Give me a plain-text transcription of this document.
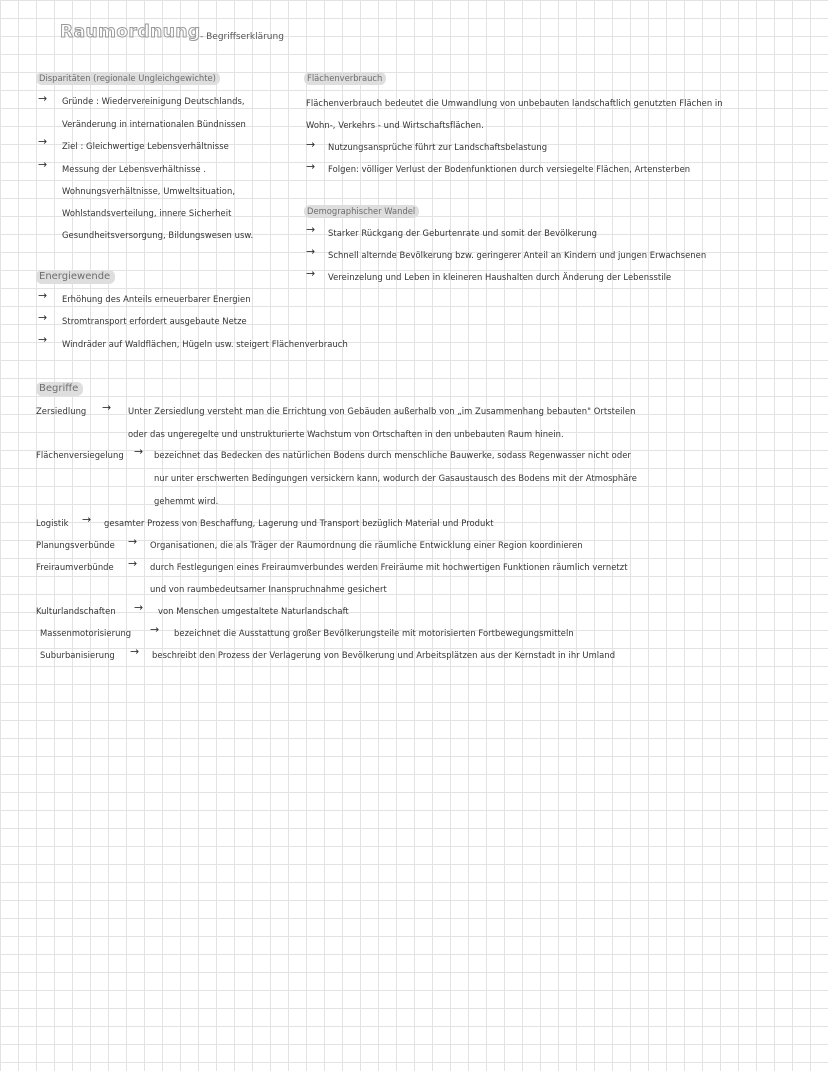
Raumordnung - Begriffserklärung
Disparitäten (regionale Ungleichgewichte)
→ Gründe : Wiedervereinigung Deutschlands,
Veränderung in internationalen Bündnissen
→ Ziel : Gleichwertige Lebensverhältnisse
→ Messung der Lebensverhältnisse .
Wohnungsverhältnisse, Umweltsituation,
Wohlstandsverteilung, innere Sicherheit
Gesundheitsversorgung, Bildungswesen usw.
Flächenverbrauch
Flächenverbrauch bedeutet die Umwandlung von unbebauten landschaftlich genutzten Flächen in
Wohn-, Verkehrs - und Wirtschaftsflächen.
→ Nutzungsansprüche führt zur Landschaftsbelastung
→ Folgen: völliger Verlust der Bodenfunktionen durch versiegelte Flächen, Artensterben
Demographischer Wandel
→ Starker Rückgang der Geburtenrate und somit der Bevölkerung
→ Schnell alternde Bevölkerung bzw. geringerer Anteil an Kindern und jungen Erwachsenen
→ Vereinzelung und Leben in kleineren Haushalten durch Änderung der Lebensstile
Energiewende
→ Erhöhung des Anteils erneuerbarer Energien
→ Stromtransport erfordert ausgebaute Netze
→ Windräder auf Waldflächen, Hügeln usw. steigert Flächenverbrauch
Begriffe
Zersiedlung → Unter Zersiedlung versteht man die Errichtung von Gebäuden außerhalb von „im Zusammenhang bebauten" Ortsteilen
oder das ungeregelte und unstrukturierte Wachstum von Ortschaften in den unbebauten Raum hinein.
Flächenversiegelung → bezeichnet das Bedecken des natürlichen Bodens durch menschliche Bauwerke, sodass Regenwasser nicht oder
nur unter erschwerten Bedingungen versickern kann, wodurch der Gasaustausch des Bodens mit der Atmosphäre
gehemmt wird.
Logistik → gesamter Prozess von Beschaffung, Lagerung und Transport bezüglich Material und Produkt
Planungsverbünde → Organisationen, die als Träger der Raumordnung die räumliche Entwicklung einer Region koordinieren
Freiraumverbünde → durch Festlegungen eines Freiraumverbundes werden Freiräume mit hochwertigen Funktionen räumlich vernetzt
und von raumbedeutsamer Inanspruchnahme gesichert
Kulturlandschaften → von Menschen umgestaltete Naturlandschaft
Massenmotorisierung → bezeichnet die Ausstattung großer Bevölkerungsteile mit motorisierten Fortbewegungsmitteln
Suburbanisierung → beschreibt den Prozess der Verlagerung von Bevölkerung und Arbeitsplätzen aus der Kernstadt in ihr Umland
